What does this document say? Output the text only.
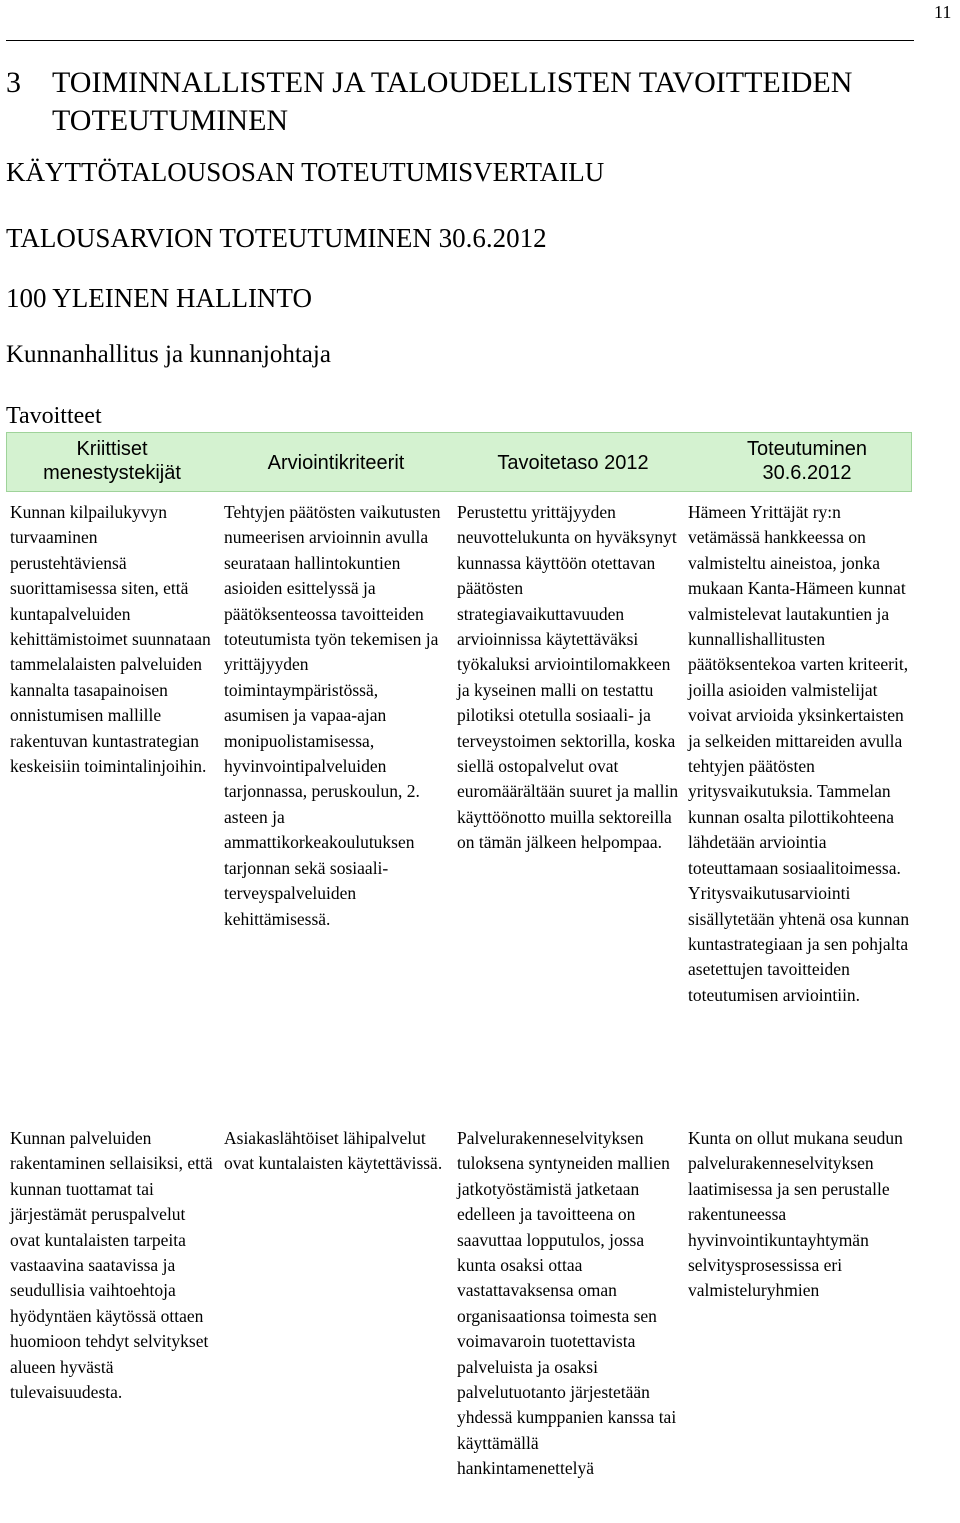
11
3 TOIMINNALLISTEN JA TALOUDELLISTEN TAVOITTEIDEN TOTEUTUMINEN
KÄYTTÖTALOUSOSAN TOTEUTUMISVERTAILU
TALOUSARVION TOTEUTUMINEN 30.6.2012
100 YLEINEN HALLINTO
Kunnanhallitus ja kunnanjohtaja
Tavoitteet
Kriittiset menestystekijät	Arviointikriteerit	Tavoitetaso 2012
Toteutuminen 30.6.2012
Kunnan kilpailukyvyn turvaaminen perustehtäviensä suorittamisessa siten, että kuntapalveluiden kehittämistoimet suunnataan tammelalaisten palveluiden kannalta tasapainoisen onnistumisen mallille rakentuvan kuntastrategian keskeisiin toimintalinjoihin.
Tehtyjen päätösten vaikutusten numeerisen arvioinnin avulla seurataan hallintokuntien asioiden esittelyssä ja päätöksenteossa tavoitteiden toteutumista työn tekemisen ja yrittäjyyden toimintaympäristössä, asumisen ja vapaa-ajan monipuolistamisessa, hyvinvointipalveluiden tarjonnassa, peruskoulun, 2. asteen ja ammattikorkeakoulutuksen tarjonnan sekä sosiaali- terveyspalveluiden kehittämisessä.
Perustettu yrittäjyyden neuvottelukunta on hyväksynyt kunnassa käyttöön otettavan päätösten strategiavaikuttavuuden arvioinnissa käytettäväksi työkaluksi arviointilomakkeen ja kyseinen malli on testattu pilotiksi otetulla sosiaali- ja terveystoimen sektorilla, koska siellä ostopalvelut ovat euromäärältään suuret ja mallin käyttöönotto muilla sektoreilla on tämän jälkeen helpompaa.
Hämeen Yrittäjät ry:n vetämässä hankkeessa on valmisteltu aineistoa, jonka mukaan Kanta-Hämeen kunnat valmistelevat lautakuntien ja kunnallishallitusten päätöksentekoa varten kriteerit, joilla asioiden valmistelijat voivat arvioida yksinkertaisten ja selkeiden mittareiden avulla tehtyjen päätösten yritysvaikutuksia. Tammelan kunnan osalta pilottikohteena lähdetään arviointia toteuttamaan sosiaalitoimessa. Yritysvaikutusarviointi sisällytetään yhtenä osa kunnan kuntastrategiaan ja sen pohjalta asetettujen tavoitteiden toteutumisen arviointiin.
Kunnan palveluiden rakentaminen sellaisiksi, että kunnan tuottamat tai järjestämät peruspalvelut ovat kuntalaisten tarpeita vastaavina saatavissa ja seudullisia vaihtoehtoja hyödyntäen käytössä ottaen huomioon tehdyt selvitykset alueen hyvästä tulevaisuudesta.
Asiakaslähtöiset lähipalvelut ovat kuntalaisten käytettävissä.
Palvelurakenneselvityksen tuloksena syntyneiden mallien jatkotyöstämistä jatketaan edelleen ja tavoitteena on saavuttaa lopputulos, jossa kunta osaksi ottaa vastattavaksensa oman organisaationsa toimesta sen voimavaroin tuotettavista palveluista ja osaksi palvelutuotanto järjestetään yhdessä kumppanien kanssa tai käyttämällä hankintamenettelyä
Kunta on ollut mukana seudun palvelurakenneselvityksen laatimisessa ja sen perustalle rakentuneessa hyvinvointikuntayhtymän selvitysprosessissa eri valmisteluryhmien
